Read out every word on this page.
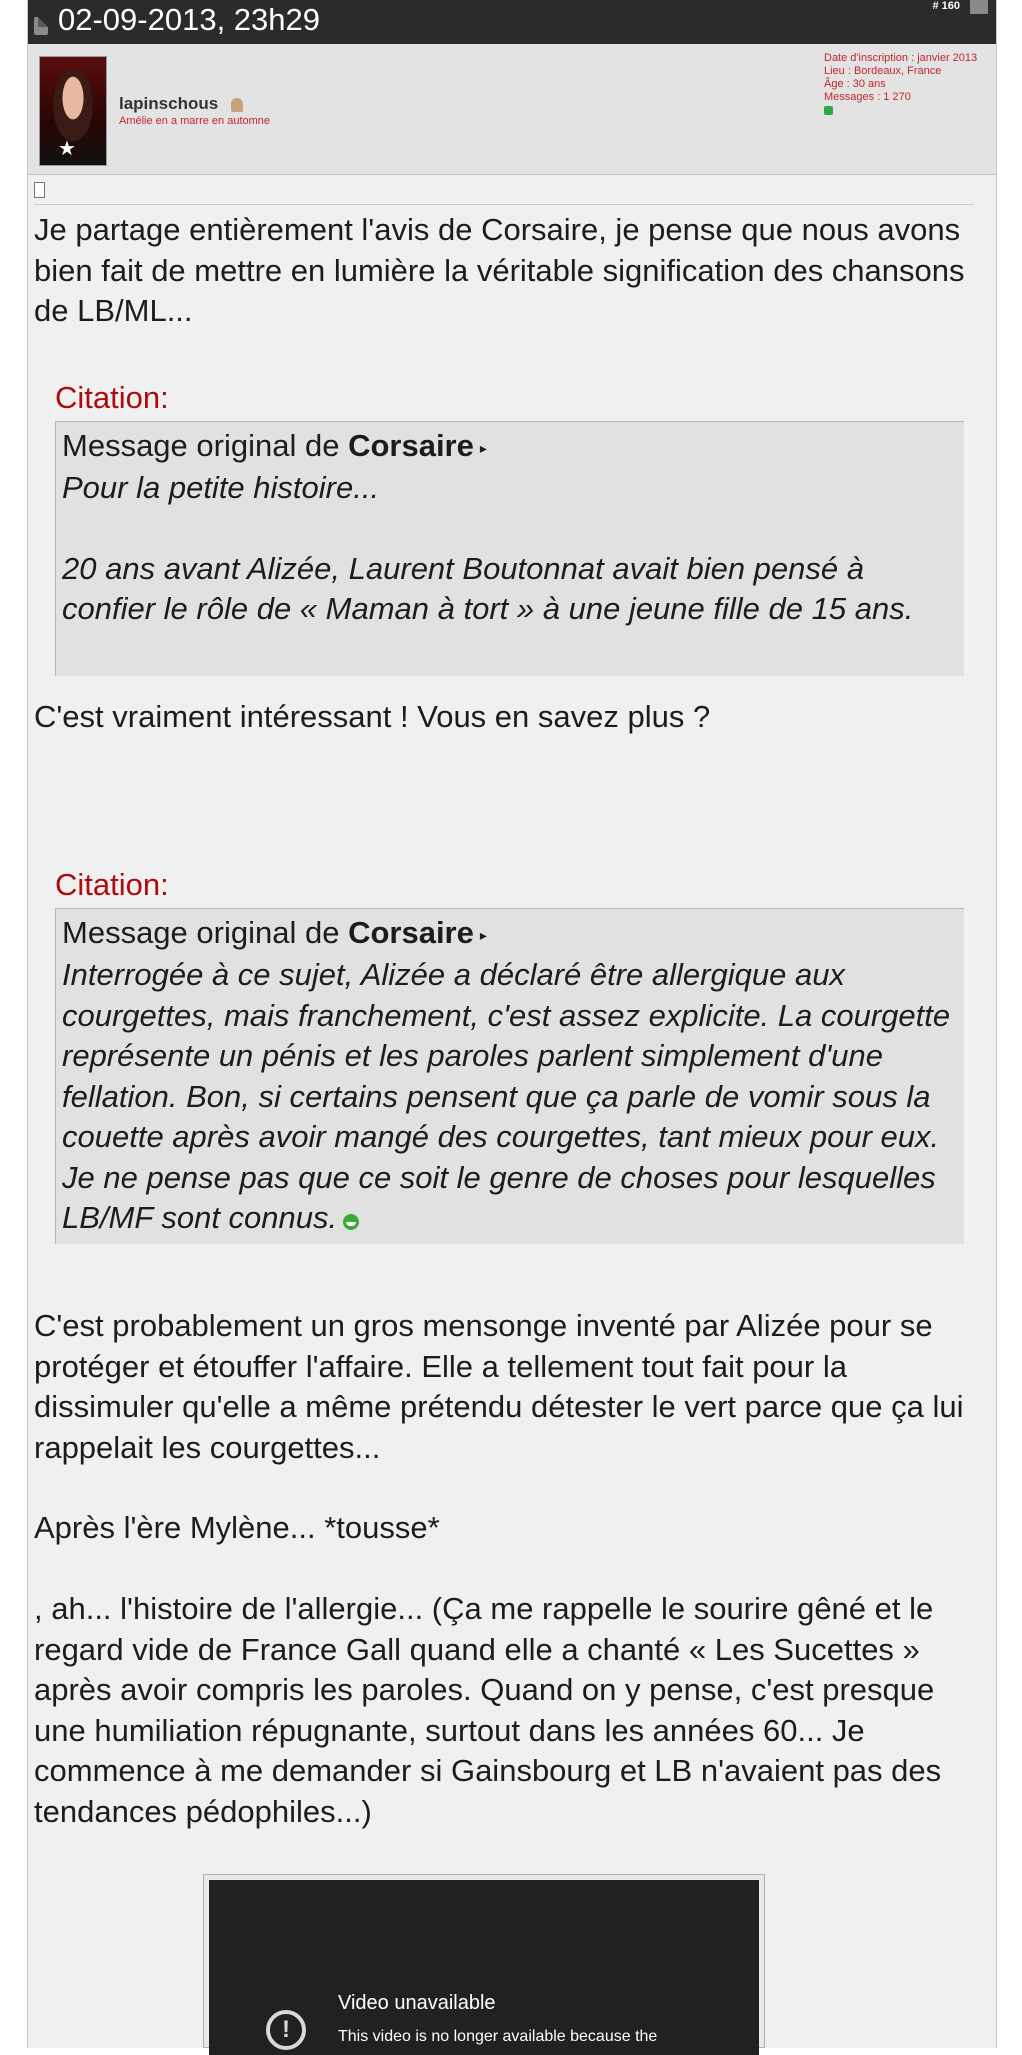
02-09-2013, 23h29	# 160
★
lapinschous
Amélie en a marre en automne
Date d'inscription : janvier 2013
Lieu : Bordeaux, France
Âge : 30 ans
Messages : 1 270
Je partage entièrement l'avis de Corsaire, je pense que nous avons bien fait de mettre en lumière la véritable signification des chansons de LB/ML...
Citation:
Message original de Corsaire ▸
Pour la petite histoire...
20 ans avant Alizée, Laurent Boutonnat avait bien pensé à confier le rôle de « Maman à tort » à une jeune fille de 15 ans.
C'est vraiment intéressant ! Vous en savez plus ?
Citation:
Message original de Corsaire ▸
Interrogée à ce sujet, Alizée a déclaré être allergique aux courgettes, mais franchement, c'est assez explicite. La courgette représente un pénis et les paroles parlent simplement d'une fellation. Bon, si certains pensent que ça parle de vomir sous la couette après avoir mangé des courgettes, tant mieux pour eux. Je ne pense pas que ce soit le genre de choses pour lesquelles LB/MF sont connus.
C'est probablement un gros mensonge inventé par Alizée pour se protéger et étouffer l'affaire. Elle a tellement tout fait pour la dissimuler qu'elle a même prétendu détester le vert parce que ça lui rappelait les courgettes...
Après l'ère Mylène... *tousse*
, ah... l'histoire de l'allergie... (Ça me rappelle le sourire gêné et le regard vide de France Gall quand elle a chanté « Les Sucettes » après avoir compris les paroles. Quand on y pense, c'est presque une humiliation répugnante, surtout dans les années 60... Je commence à me demander si Gainsbourg et LB n'avaient pas des tendances pédophiles...)
!
Video unavailable
This video is no longer available because the
